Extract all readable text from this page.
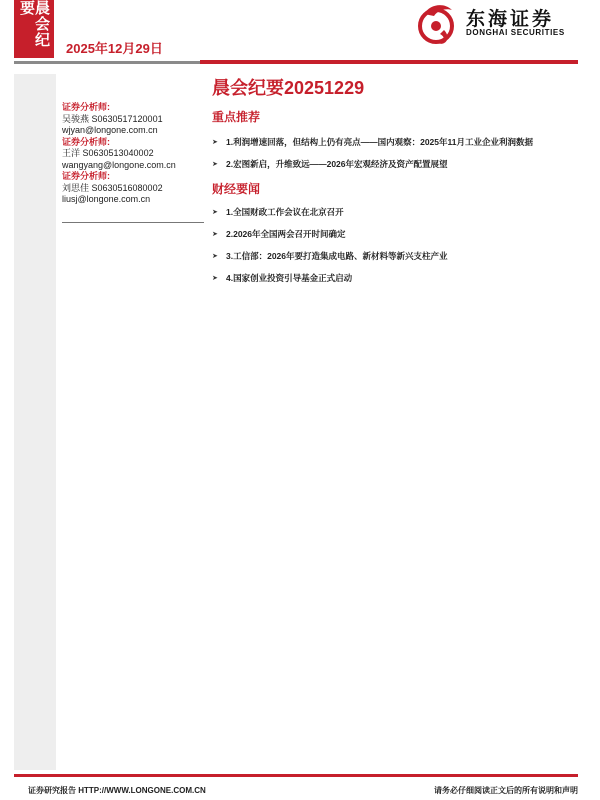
晨会纪要
2025年12月29日
东海证券
DONGHAI SECURITIES
证券分析师:
吴骏燕 S0630517120001
wjyan@longone.com.cn
证券分析师:
王洋 S0630513040002
wangyang@longone.com.cn
证券分析师:
刘思佳 S0630516080002
liusj@longone.com.cn
晨会纪要20251229
重点推荐
➤ 1.利润增速回落，但结构上仍有亮点——国内观察：2025年11月工业企业利润数据
➤ 2.宏图新启，升维致远——2026年宏观经济及资产配置展望
财经要闻
➤ 1.全国财政工作会议在北京召开
➤ 2.2026年全国两会召开时间确定
➤ 3.工信部：2026年要打造集成电路、新材料等新兴支柱产业
➤ 4.国家创业投资引导基金正式启动
证券研究报告 HTTP://WWW.LONGONE.COM.CN	请务必仔细阅读正文后的所有说明和声明
